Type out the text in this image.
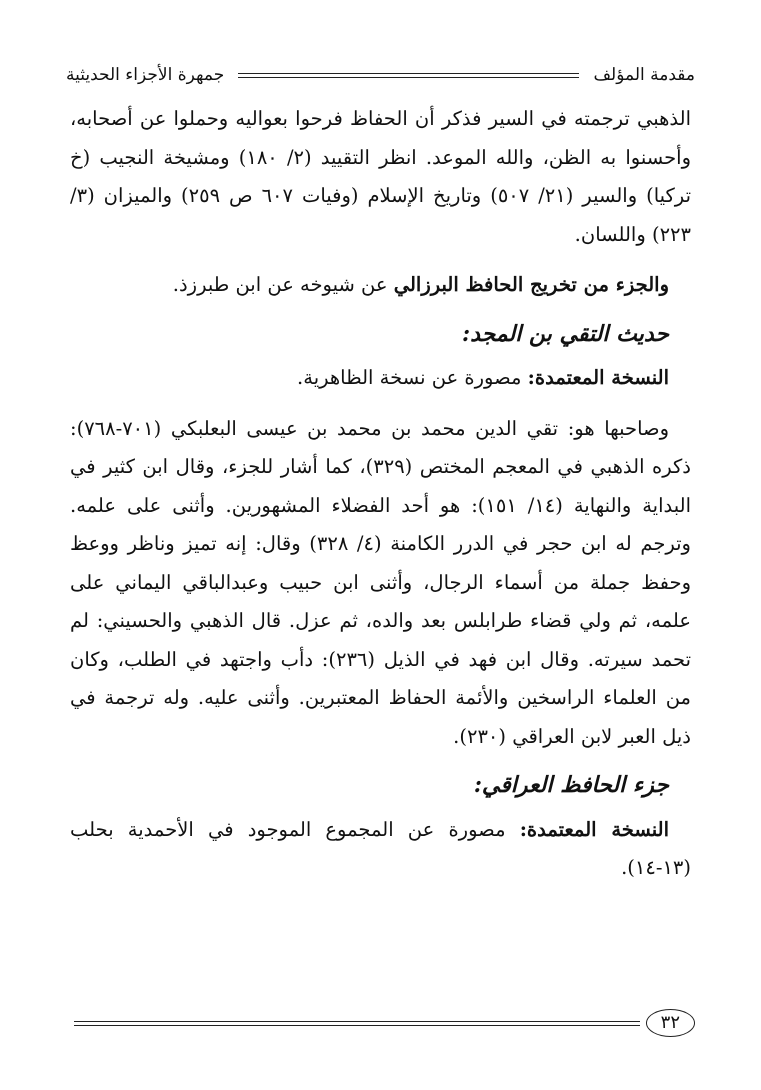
مقدمة المؤلف
جمهرة الأجزاء الحديثية

الذهبي ترجمته في السير فذكر أن الحفاظ فرحوا بعواليه وحملوا عن أصحابه، وأحسنوا به الظن، والله الموعد. انظر التقييد (٢/ ١٨٠) ومشيخة النجيب (خ تركيا) والسير (٢١/ ٥٠٧) وتاريخ الإسلام (وفيات ٦٠٧ ص ٢٥٩) والميزان (٣/ ٢٢٣) واللسان.

والجزء من تخريج الحافظ البرزالي عن شيوخه عن ابن طبرزذ.

حديث التقي بن المجد:

النسخة المعتمدة: مصورة عن نسخة الظاهرية.

وصاحبها هو: تقي الدين محمد بن محمد بن عيسى البعلبكي (٧٠١-٧٦٨): ذكره الذهبي في المعجم المختص (٣٢٩)، كما أشار للجزء، وقال ابن كثير في البداية والنهاية (١٤/ ١٥١): هو أحد الفضلاء المشهورين. وأثنى على علمه. وترجم له ابن حجر في الدرر الكامنة (٤/ ٣٢٨) وقال: إنه تميز وناظر ووعظ وحفظ جملة من أسماء الرجال، وأثنى ابن حبيب وعبدالباقي اليماني على علمه، ثم ولي قضاء طرابلس بعد والده، ثم عزل. قال الذهبي والحسيني: لم تحمد سيرته. وقال ابن فهد في الذيل (٢٣٦): دأب واجتهد في الطلب، وكان من العلماء الراسخين والأئمة الحفاظ المعتبرين. وأثنى عليه. وله ترجمة في ذيل العبر لابن العراقي (٢٣٠).

جزء الحافظ العراقي:

النسخة المعتمدة: مصورة عن المجموع الموجود في الأحمدية بحلب (١٣-١٤).

٣٢
